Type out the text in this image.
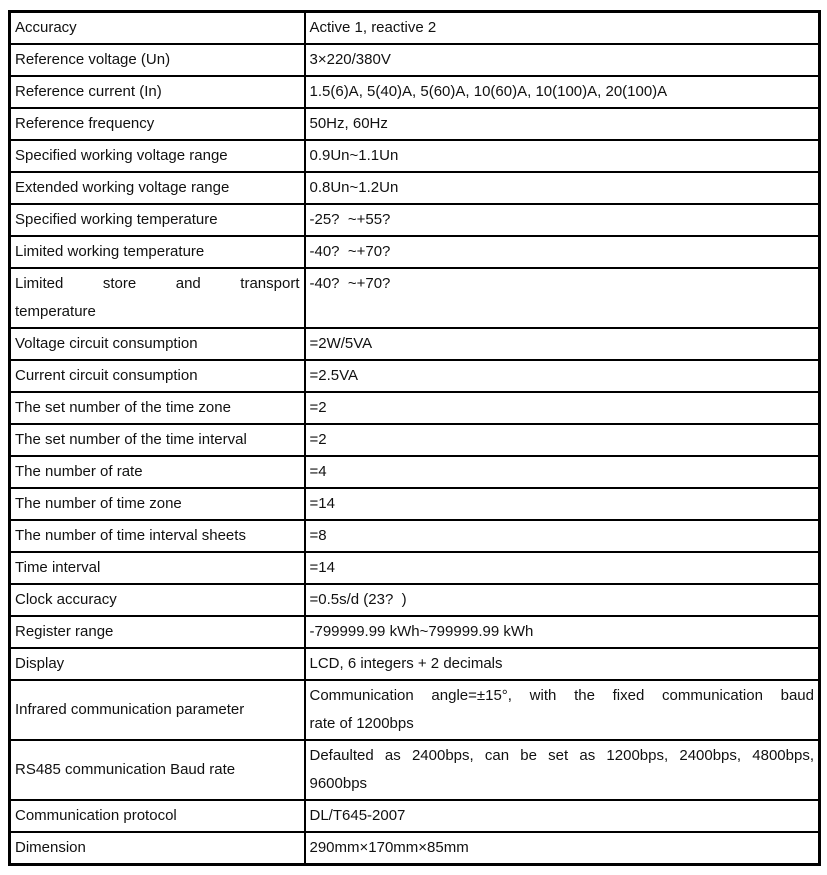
Accuracy	Active 1, reactive 2
Reference voltage (Un)	3×220/380V
Reference current (In)	1.5(6)A, 5(40)A, 5(60)A, 10(60)A, 10(100)A, 20(100)A
Reference frequency	50Hz, 60Hz
Specified working voltage range	0.9Un~1.1Un
Extended working voltage range	0.8Un~1.2Un
Specified working temperature	-25?  ~+55?
Limited working temperature	-40?  ~+70?

Limited store and transport
temperature	-40?  ~+70?
Voltage circuit consumption	=2W/5VA
Current circuit consumption	=2.5VA
The set number of the time zone	=2
The set number of the time interval	=2
The number of rate	=4
The number of time zone	=14
The number of time interval sheets	=8
Time interval	=14
Clock accuracy	=0.5s/d (23?  )
Register range	-799999.99 kWh~799999.99 kWh
Display	LCD, 6 integers + 2 decimals
Infrared communication parameter	Communication angle=±15°, with the fixed communication baud
rate of 1200bps

RS485 communication Baud rate	Defaulted as 2400bps, can be set as 1200bps, 2400bps, 4800bps,
9600bps

Communication protocol	DL/T645-2007
Dimension	290mm×170mm×85mm
